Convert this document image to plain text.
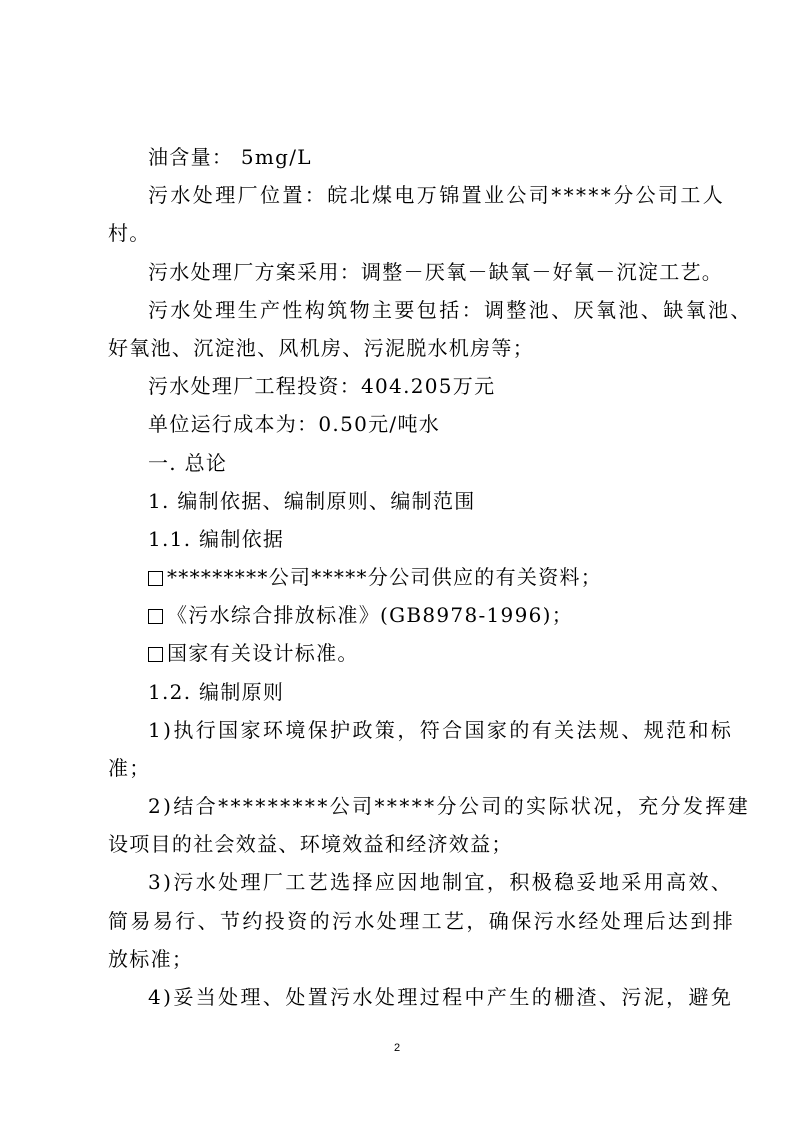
油含量： 5mg/L
污水处理厂位置：皖北煤电万锦置业公司*****分公司工人
村。
污水处理厂方案采用：调整－厌氧－缺氧－好氧－沉淀工艺。
污水处理生产性构筑物主要包括：调整池、厌氧池、缺氧池、
好氧池、沉淀池、风机房、污泥脱水机房等；
污水处理厂工程投资：404.205万元
单位运行成本为：0.50元/吨水
一. 总论
1. 编制依据、编制原则、编制范围
1.1. 编制依据
*********公司*****分公司供应的有关资料；
《污水综合排放标准》(GB8978-1996)；
国家有关设计标准。
1.2. 编制原则
1)执行国家环境保护政策，符合国家的有关法规、规范和标
准；
2)结合*********公司*****分公司的实际状况，充分发挥建
设项目的社会效益、环境效益和经济效益；
3)污水处理厂工艺选择应因地制宜，积极稳妥地采用高效、
简易易行、节约投资的污水处理工艺，确保污水经处理后达到排
放标准；
4)妥当处理、处置污水处理过程中产生的栅渣、污泥，避免
2
